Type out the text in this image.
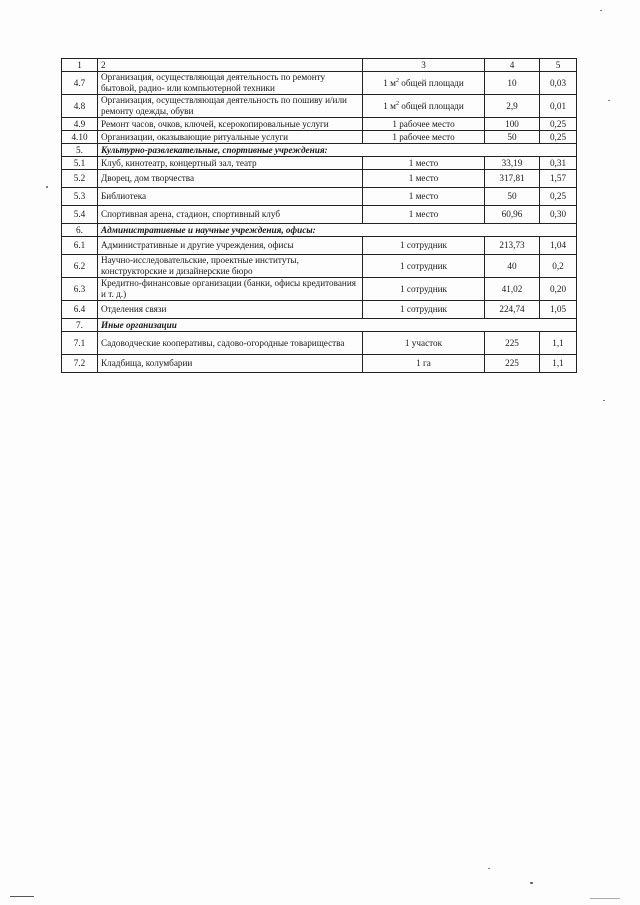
1	2	3	4	5
4.7	Организация, осуществляющая деятельность по ремонту бытовой, радио- или компьютерной техники	1 $м^2$ общей площади	10	0,03
4.8	Организация, осуществляющая деятельность по пошиву и/или ремонту одежды, обуви	1 $м^2$ общей площади	2,9	0,01
4.9	Ремонт часов, очков, ключей, ксерокопировальные услуги	1 рабочее место	100	0,25
4.10	Организации, оказывающие ритуальные услуги	1 рабочее место	50	0,25
5.	Культурно-развлекательные, спортивные учреждения:			
5.1	Клуб, кинотеатр, концертный зал, театр	1 место	33,19	0,31
5.2	Дворец, дом творчества	1 место	317,81	1,57
5.3	Библиотека	1 место	50	0,25
5.4	Спортивная арена, стадион, спортивный клуб	1 место	60,96	0,30
6.	Административные и научные учреждения, офисы:			
6.1	Административные и другие учреждения, офисы	1 сотрудник	213,73	1,04
6.2	Научно-исследовательские, проектные институты, конструкторские и дизайнерские бюро	1 сотрудник	40	0,2
6.3	Кредитно-финансовые организации (банки, офисы кредитования и т. д.)	1 сотрудник	41,02	0,20
6.4	Отделения связи	1 сотрудник	224,74	1,05
7.	Иные организации			
7.1	Садоводческие кооперативы, садово-огородные товарищества	1 участок	225	1,1
7.2	Кладбища, колумбарии	1 га	225	1,1
